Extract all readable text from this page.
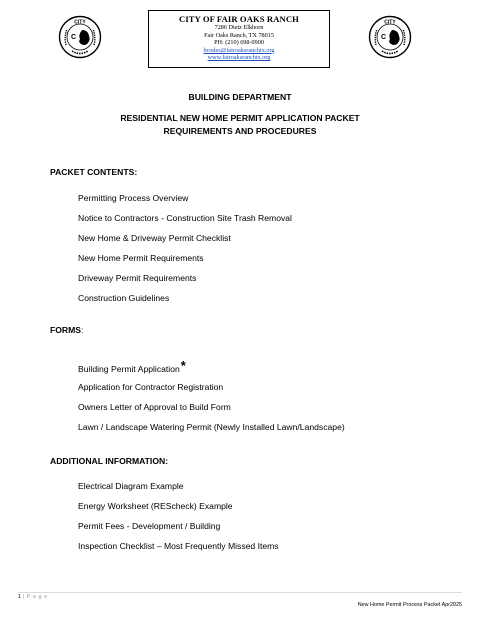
CITY
C
CITY
C
CITY OF FAIR OAKS RANCH
7286 Dietz Elkhorn
Fair Oaks Ranch, TX 78015
PH: (210) 698-0900
bcodes@fairoaksranchtx.org
www.fairoaksranchtx.org
BUILDING DEPARTMENT
RESIDENTIAL NEW HOME PERMIT APPLICATION PACKET
REQUIREMENTS AND PROCEDURES
PACKET CONTENTS:
Permitting Process Overview
Notice to Contractors - Construction Site Trash Removal
New Home & Driveway Permit Checklist
New Home Permit Requirements
Driveway Permit Requirements
Construction Guidelines
FORMS:
Building Permit Application*
Application for Contractor Registration
Owners Letter of Approval to Build Form
Lawn / Landscape Watering Permit (Newly Installed Lawn/Landscape)
ADDITIONAL INFORMATION:
Electrical Diagram Example
Energy Worksheet (REScheck) Example
Permit Fees - Development / Building
Inspection Checklist – Most Frequently Missed Items
1 | P a g e
New Home Permit Process Packet Apr2025
